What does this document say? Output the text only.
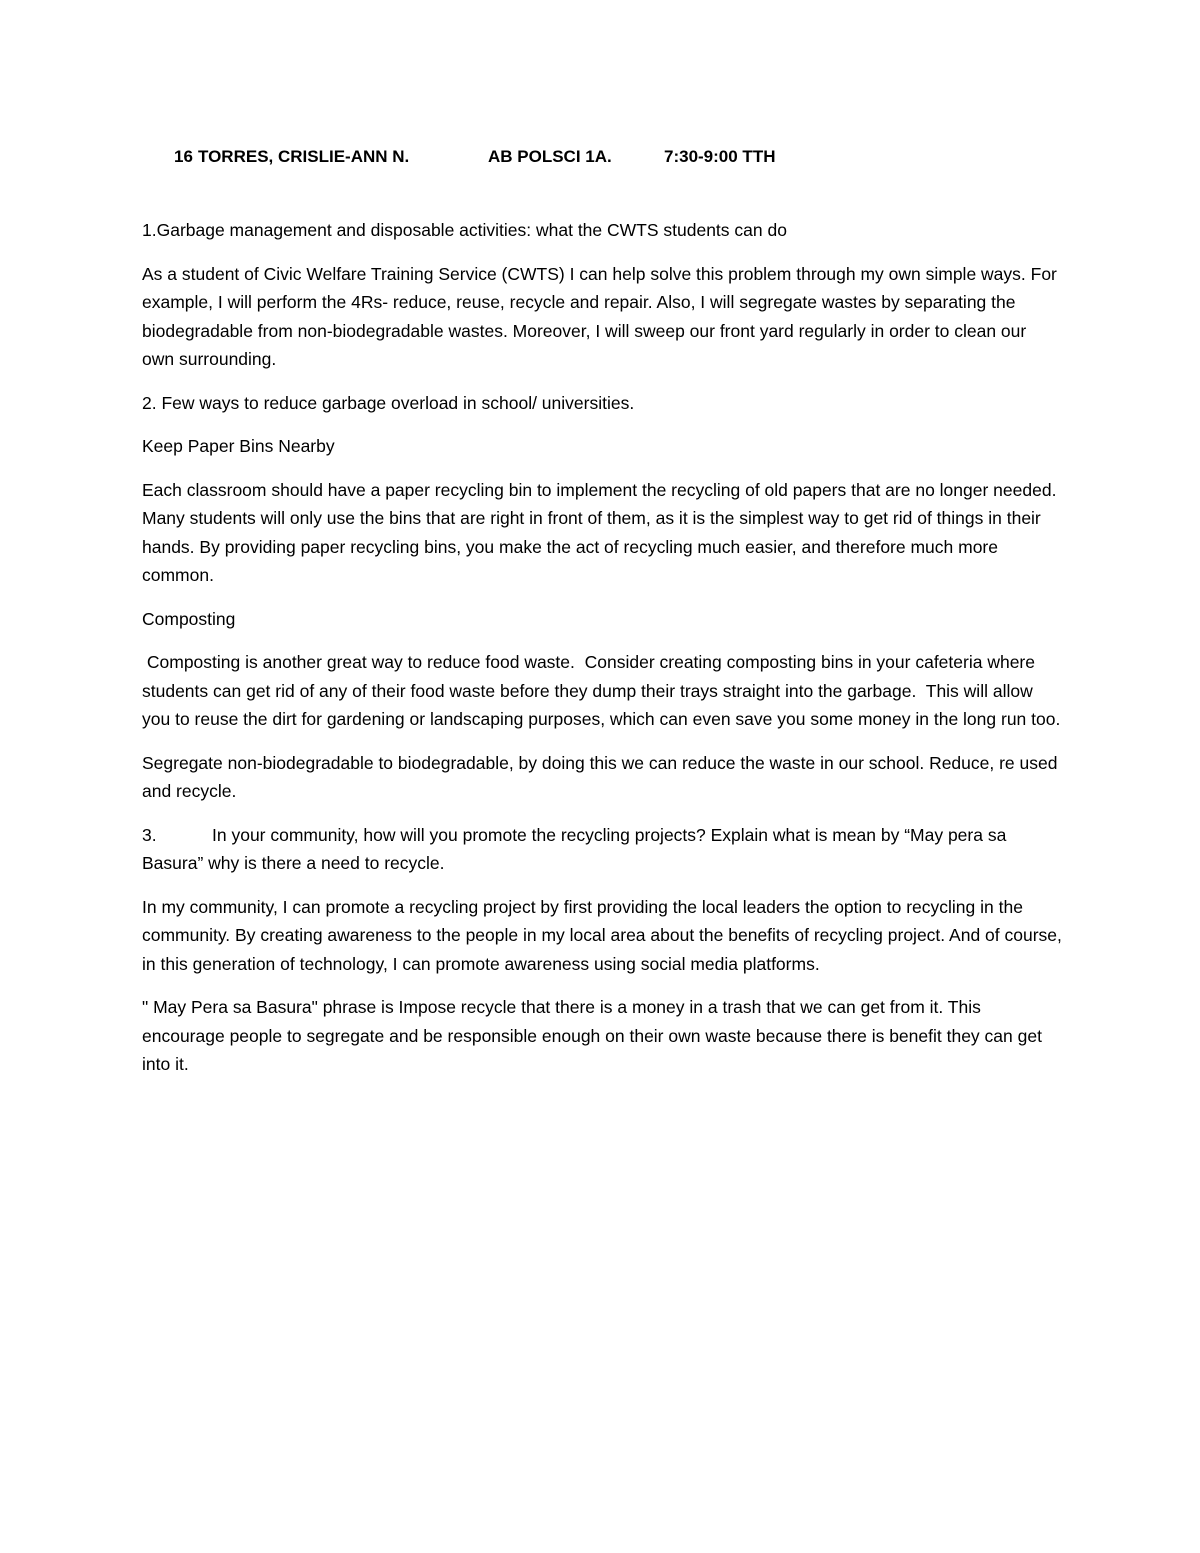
16 TORRES, CRISLIE-ANN N.	AB POLSCI 1A.	7:30-9:00 TTH

1.Garbage management and disposable activities: what the CWTS students can do

As a student of Civic Welfare Training Service (CWTS) I can help solve this problem through my own simple ways. For example, I will perform the 4Rs- reduce, reuse, recycle and repair. Also, I will segregate wastes by separating the biodegradable from non-biodegradable wastes. Moreover, I will sweep our front yard regularly in order to clean our own surrounding.

2. Few ways to reduce garbage overload in school/ universities.

Keep Paper Bins Nearby

Each classroom should have a paper recycling bin to implement the recycling of old papers that are no longer needed. Many students will only use the bins that are right in front of them, as it is the simplest way to get rid of things in their hands. By providing paper recycling bins, you make the act of recycling much easier, and therefore much more common.

Composting

Composting is another great way to reduce food waste.  Consider creating composting bins in your cafeteria where students can get rid of any of their food waste before they dump their trays straight into the garbage.  This will allow you to reuse the dirt for gardening or landscaping purposes, which can even save you some money in the long run too.

Segregate non-biodegradable to biodegradable, by doing this we can reduce the waste in our school. Reduce, re used and recycle.

3.	In your community, how will you promote the recycling projects? Explain what is mean by “May pera sa Basura” why is there a need to recycle.

In my community, I can promote a recycling project by first providing the local leaders the option to recycling in the community. By creating awareness to the people in my local area about the benefits of recycling project. And of course, in this generation of technology, I can promote awareness using social media platforms.

" May Pera sa Basura" phrase is Impose recycle that there is a money in a trash that we can get from it. This encourage people to segregate and be responsible enough on their own waste because there is benefit they can get into it.
